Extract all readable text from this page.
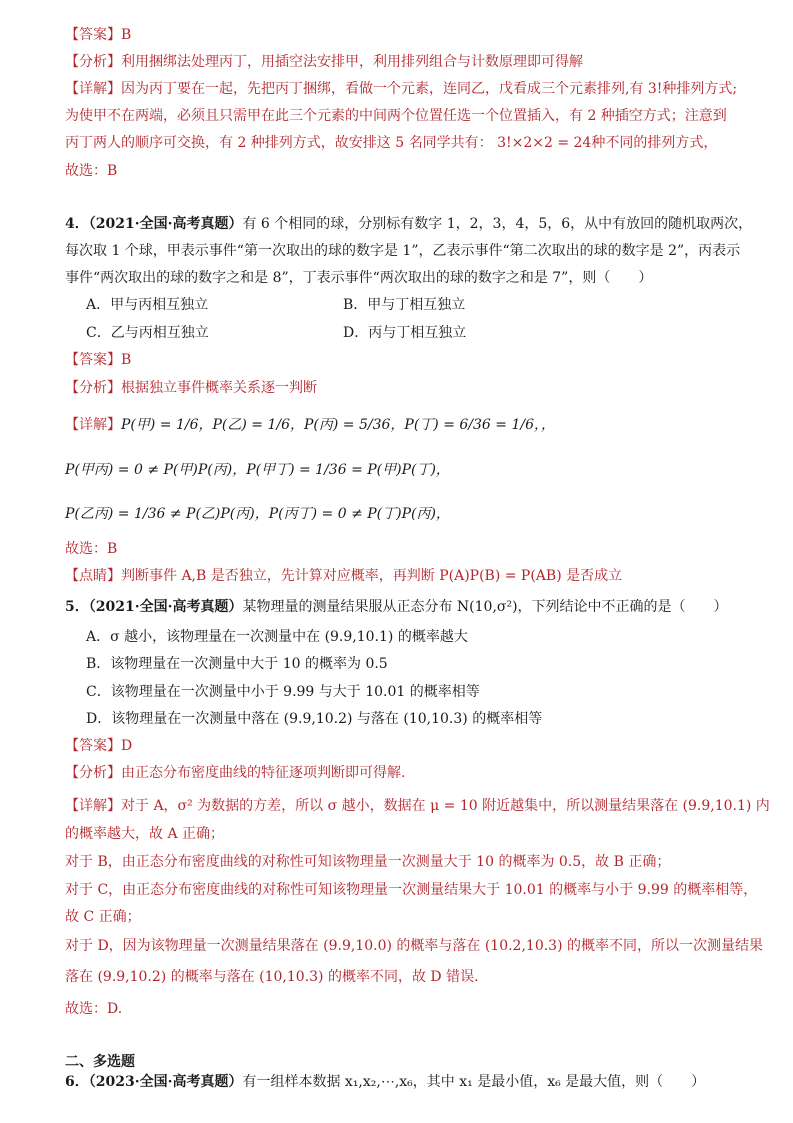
【答案】B
【分析】利用捆绑法处理丙丁，用插空法安排甲，利用排列组合与计数原理即可得解
【详解】因为丙丁要在一起，先把丙丁捆绑，看做一个元素，连同乙，戊看成三个元素排列,有 3!种排列方式;
为使甲不在两端，必须且只需甲在此三个元素的中间两个位置任选一个位置插入，有 2 种插空方式；注意到
丙丁两人的顺序可交换，有 2 种排列方式，故安排这 5 名同学共有： 3!×2×2 = 24种不同的排列方式，
故选：B
4．（2021·全国·高考真题）有 6 个相同的球，分别标有数字 1，2，3，4，5，6，从中有放回的随机取两次，
每次取 1 个球，甲表示事件“第一次取出的球的数字是 1”，乙表示事件“第二次取出的球的数字是 2”，丙表示
事件“两次取出的球的数字之和是 8”，丁表示事件“两次取出的球的数字之和是 7”，则（　　）
A．甲与丙相互独立	B．甲与丁相互独立
C．乙与丙相互独立	D．丙与丁相互独立
【答案】B
【分析】根据独立事件概率关系逐一判断
【详解】P(甲) = 1/6，P(乙) = 1/6，P(丙) = 5/36，P(丁) = 6/36 = 1/6，，
P(甲丙) = 0 ≠ P(甲)P(丙)，P(甲丁) = 1/36 = P(甲)P(丁)，
P(乙丙) = 1/36 ≠ P(乙)P(丙)，P(丙丁) = 0 ≠ P(丁)P(丙)，
故选：B
【点睛】判断事件 A,B 是否独立，先计算对应概率，再判断 P(A)P(B) = P(AB) 是否成立
5．（2021·全国·高考真题）某物理量的测量结果服从正态分布 N(10,σ²)，下列结论中不正确的是（　　）
A．σ 越小，该物理量在一次测量中在 (9.9,10.1) 的概率越大
B．该物理量在一次测量中大于 10 的概率为 0.5
C．该物理量在一次测量中小于 9.99 与大于 10.01 的概率相等
D．该物理量在一次测量中落在 (9.9,10.2) 与落在 (10,10.3) 的概率相等
【答案】D
【分析】由正态分布密度曲线的特征逐项判断即可得解.
【详解】对于 A，σ² 为数据的方差，所以 σ 越小，数据在 μ = 10 附近越集中，所以测量结果落在 (9.9,10.1) 内
的概率越大，故 A 正确；
对于 B，由正态分布密度曲线的对称性可知该物理量一次测量大于 10 的概率为 0.5，故 B 正确；
对于 C，由正态分布密度曲线的对称性可知该物理量一次测量结果大于 10.01 的概率与小于 9.99 的概率相等，
故 C 正确；
对于 D，因为该物理量一次测量结果落在 (9.9,10.0) 的概率与落在 (10.2,10.3) 的概率不同，所以一次测量结果
落在 (9.9,10.2) 的概率与落在 (10,10.3) 的概率不同，故 D 错误.
故选：D.
二、多选题
6．（2023·全国·高考真题）有一组样本数据 x₁,x₂,⋯,x₆，其中 x₁ 是最小值，x₆ 是最大值，则（　　）
